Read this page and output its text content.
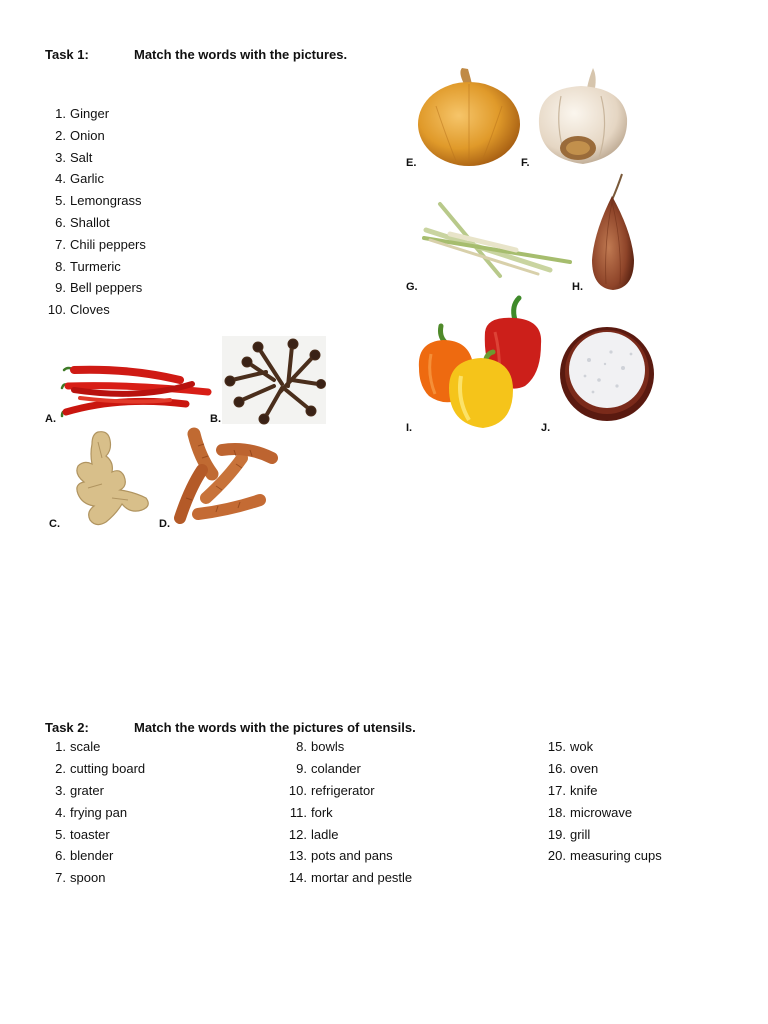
Task 1:	Match the words with the pictures.
1. Ginger
2. Onion
3. Salt
4. Garlic
5. Lemongrass
6. Shallot
7. Chili peppers
8. Turmeric
9. Bell peppers
10. Cloves
E.	F.
G.	H.
I.	J.
A.	B.
C.	D.
Task 2:	Match the words with the pictures of utensils.
1. scale
2. cutting board
3. grater
4. frying pan
5. toaster
6. blender
7. spoon
8. bowls
9. colander
10. refrigerator
11. fork
12. ladle
13. pots and pans
14. mortar and pestle
15. wok
16. oven
17. knife
18. microwave
19. grill
20. measuring cups
